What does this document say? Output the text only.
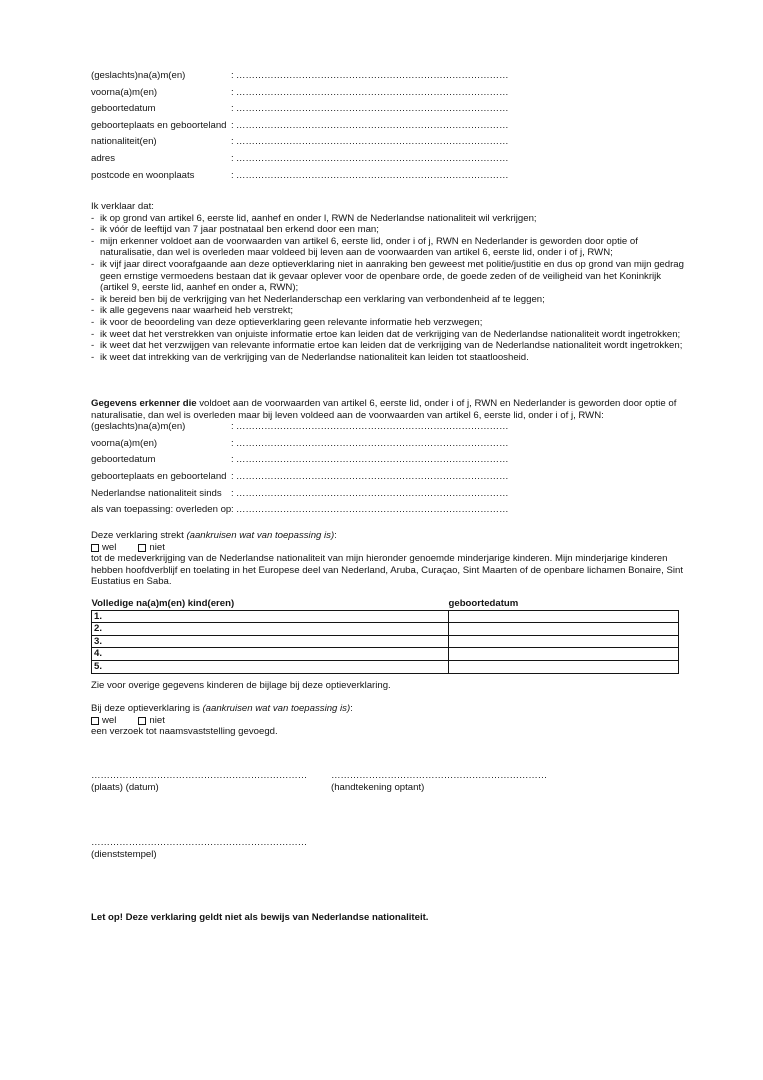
(geslachts)na(a)m(en)	: ……………………………………………………………………………
voorna(a)m(en)	: ……………………………………………………………………………
geboortedatum	: ……………………………………………………………………………
geboorteplaats en geboorteland : ……………………………………………………………………………
nationaliteit(en)	: ……………………………………………………………………………
adres	: ……………………………………………………………………………
postcode en woonplaats	: ……………………………………………………………………………

Ik verklaar dat:

- ik op grond van artikel 6, eerste lid, aanhef en onder l, RWN de Nederlandse nationaliteit wil verkrijgen;
- ik vóór de leeftijd van 7 jaar postnataal ben erkend door een man;
- mijn erkenner voldoet aan de voorwaarden van artikel 6, eerste lid, onder i of j, RWN en Nederlander is geworden door optie of naturalisatie, dan wel is overleden maar voldeed bij leven aan de voorwaarden van artikel 6, eerste lid, onder i of j, RWN;
- ik vijf jaar direct voorafgaande aan deze optieverklaring niet in aanraking ben geweest met politie/justitie en dus op grond van mijn gedrag geen ernstige vermoedens bestaan dat ik gevaar oplever voor de openbare orde, de goede zeden of de veiligheid van het Koninkrijk (artikel 9, eerste lid, aanhef en onder a, RWN);
- ik bereid ben bij de verkrijging van het Nederlanderschap een verklaring van verbondenheid af te leggen;
- ik alle gegevens naar waarheid heb verstrekt;
- ik voor de beoordeling van deze optieverklaring geen relevante informatie heb verzwegen;
- ik weet dat het verstrekken van onjuiste informatie ertoe kan leiden dat de verkrijging van de Nederlandse nationaliteit wordt ingetrokken;
- ik weet dat het verzwijgen van relevante informatie ertoe kan leiden dat de verkrijging van de Nederlandse nationaliteit wordt ingetrokken;
- ik weet dat intrekking van de verkrijging van de Nederlandse nationaliteit kan leiden tot staatloosheid.

Gegevens erkenner die voldoet aan de voorwaarden van artikel 6, eerste lid, onder i of j, RWN en Nederlander is geworden door optie of naturalisatie, dan wel is overleden maar bij leven voldeed aan de voorwaarden van artikel 6, eerste lid, onder i of j, RWN:

(geslachts)na(a)m(en)	: ……………………………………………………………………………
voorna(a)m(en)	: ……………………………………………………………………………
geboortedatum	: ……………………………………………………………………………
geboorteplaats en geboorteland : ……………………………………………………………………………
Nederlandse nationaliteit sinds : ……………………………………………………………………………
als van toepassing: overleden op : ……………………………………………………………………………

Deze verklaring strekt (aankruisen wat van toepassing is):

wel	niet

tot de medeverkrijging van de Nederlandse nationaliteit van mijn hieronder genoemde minderjarige kinderen. Mijn minderjarige kinderen hebben hoofdverblijf en toelating in het Europese deel van Nederland, Aruba, Curaçao, Sint Maarten of de openbare lichamen Bonaire, Sint Eustatius en Saba.

Volledige na(a)m(en) kind(eren)	geboortedatum
1.	
2.	
3.	
4.	
5.	

Zie voor overige gegevens kinderen de bijlage bij deze optieverklaring.

Bij deze optieverklaring is (aankruisen wat van toepassing is):

wel	niet

een verzoek tot naamsvaststelling gevoegd.

……………………………………………………………
(plaats) (datum)
……………………………………………………………
(handtekening optant)
……………………………………………………………
(dienststempel)

Let op! Deze verklaring geldt niet als bewijs van Nederlandse nationaliteit.
